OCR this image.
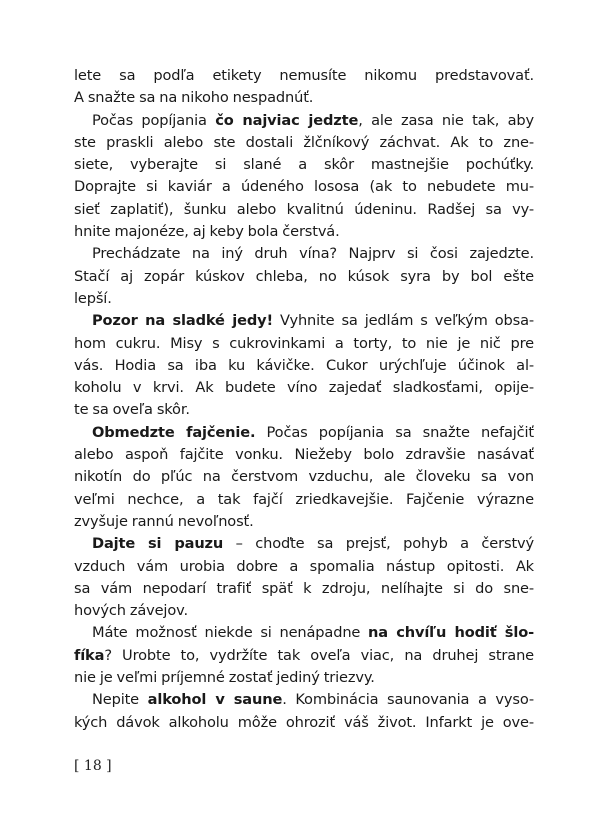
lete sa podľa etikety nemusíte nikomu predstavovať.
A snažte sa na nikoho nespadnúť.
Počas popíjania čo najviac jedzte, ale zasa nie tak, aby
ste praskli alebo ste dostali žlčníkový záchvat. Ak to zne-
siete, vyberajte si slané a skôr mastnejšie pochúťky.
Doprajte si kaviár a údeného lososa (ak to nebudete mu-
sieť zaplatiť), šunku alebo kvalitnú údeninu. Radšej sa vy-
hnite majonéze, aj keby bola čerstvá.
Prechádzate na iný druh vína? Najprv si čosi zajedzte.
Stačí aj zopár kúskov chleba, no kúsok syra by bol ešte
lepší.
Pozor na sladké jedy! Vyhnite sa jedlám s veľkým obsa-
hom cukru. Misy s cukrovinkami a torty, to nie je nič pre
vás. Hodia sa iba ku kávičke. Cukor urýchľuje účinok al-
koholu v krvi. Ak budete víno zajedať sladkosťami, opije-
te sa oveľa skôr.
Obmedzte fajčenie. Počas popíjania sa snažte nefajčiť
alebo aspoň fajčite vonku. Niežeby bolo zdravšie nasávať
nikotín do pľúc na čerstvom vzduchu, ale človeku sa von
veľmi nechce, a tak fajčí zriedkavejšie. Fajčenie výrazne
zvyšuje rannú nevoľnosť.
Dajte si pauzu – choďte sa prejsť, pohyb a čerstvý
vzduch vám urobia dobre a spomalia nástup opitosti. Ak
sa vám nepodarí trafiť späť k zdroju, nelíhajte si do sne-
hových závejov.
Máte možnosť niekde si nenápadne na chvíľu hodiť šlo-
fíka? Urobte to, vydržíte tak oveľa viac, na druhej strane
nie je veľmi príjemné zostať jediný triezvy.
Nepite alkohol v saune. Kombinácia saunovania a vyso-
kých dávok alkoholu môže ohroziť váš život. Infarkt je ove-
[ 18 ]
